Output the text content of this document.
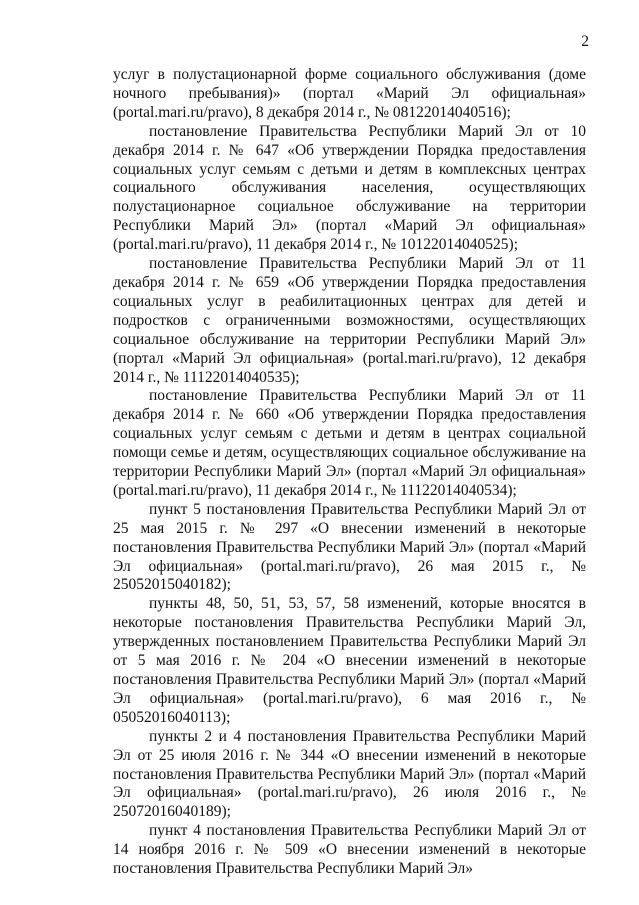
2

услуг в полустационарной форме социального обслуживания (доме ночного пребывания)» (портал «Марий Эл официальная» (portal.mari.ru/pravo), 8 декабря 2014 г., № 08122014040516);

постановление Правительства Республики Марий Эл от 10 декабря 2014 г. № 647 «Об утверждении Порядка предоставления социальных услуг семьям с детьми и детям в комплексных центрах социального обслуживания населения, осуществляющих полустационарное социальное обслуживание на территории Республики Марий Эл» (портал «Марий Эл официальная» (portal.mari.ru/pravo), 11 декабря 2014 г., № 10122014040525);

постановление Правительства Республики Марий Эл от 11 декабря 2014 г. № 659 «Об утверждении Порядка предоставления социальных услуг в реабилитационных центрах для детей и подростков с ограниченными возможностями, осуществляющих социальное обслуживание на территории Республики Марий Эл» (портал «Марий Эл официальная» (portal.mari.ru/pravo), 12 декабря 2014 г., № 11122014040535);

постановление Правительства Республики Марий Эл от 11 декабря 2014 г. № 660 «Об утверждении Порядка предоставления социальных услуг семьям с детьми и детям в центрах социальной помощи семье и детям, осуществляющих социальное обслуживание на территории Республики Марий Эл» (портал «Марий Эл официальная» (portal.mari.ru/pravo), 11 декабря 2014 г., № 11122014040534);

пункт 5 постановления Правительства Республики Марий Эл от 25 мая 2015 г. № 297 «О внесении изменений в некоторые постановления Правительства Республики Марий Эл» (портал «Марий Эл официальная» (portal.mari.ru/pravo), 26 мая 2015 г., № 25052015040182);

пункты 48, 50, 51, 53, 57, 58 изменений, которые вносятся в некоторые постановления Правительства Республики Марий Эл, утвержденных постановлением Правительства Республики Марий Эл от 5 мая 2016 г. № 204 «О внесении изменений в некоторые постановления Правительства Республики Марий Эл» (портал «Марий Эл официальная» (portal.mari.ru/pravo), 6 мая 2016 г., № 05052016040113);

пункты 2 и 4 постановления Правительства Республики Марий Эл от 25 июля 2016 г. № 344 «О внесении изменений в некоторые постановления Правительства Республики Марий Эл» (портал «Марий Эл официальная» (portal.mari.ru/pravo), 26 июля 2016 г., № 25072016040189);

пункт 4 постановления Правительства Республики Марий Эл от 14 ноября 2016 г. № 509 «О внесении изменений в некоторые постановления Правительства Республики Марий Эл»
